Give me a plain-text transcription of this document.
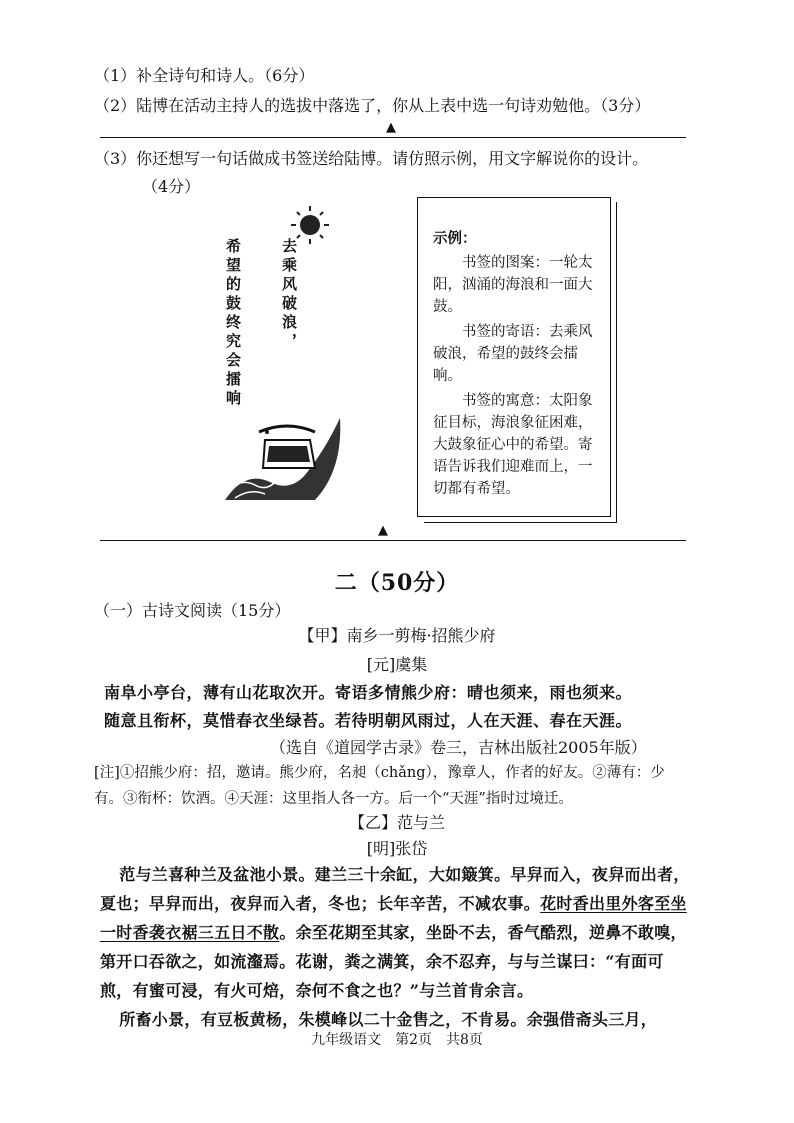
（1）补全诗句和诗人。（6分）
（2）陆博在活动主持人的选拔中落选了，你从上表中选一句诗劝勉他。（3分）
▲
（3）你还想写一句话做成书签送给陆博。请仿照示例，用文字解说你的设计。
（4分）
去乘风破浪，
希望的鼓终究会擂响	示例：

书签的图案：一轮太阳，汹涌的海浪和一面大鼓。

书签的寄语：去乘风破浪，希望的鼓终会擂响。

书签的寓意：太阳象征目标，海浪象征困难，大鼓象征心中的希望。寄语告诉我们迎难而上，一切都有希望。

▲
二（50分）
（一）古诗文阅读（15分）
【甲】南乡一剪梅·招熊少府
[元]虞集
南阜小亭台，薄有山花取次开。寄语多情熊少府：晴也须来，雨也须来。
随意且衔杯，莫惜春衣坐绿苔。若待明朝风雨过，人在天涯、春在天涯。
（选自《道园学古录》卷三，吉林出版社2005年版）
[注]①招熊少府：招，邀请。熊少府，名昶（chǎng），豫章人，作者的好友。②薄有：少
有。③衔杯：饮酒。④天涯：这里指人各一方。后一个“天涯”指时过境迁。
【乙】范与兰
[明]张岱

范与兰喜种兰及盆池小景。建兰三十余缸，大如簸箕。早舁而入，夜舁而出者，夏也；早舁而出，夜舁而入者，冬也；长年辛苦，不减农事。花时香出里外客至坐一时香袭衣裾三五日不散。余至花期至其家，坐卧不去，香气酷烈，逆鼻不敢嗅，第开口吞欲之，如流瀣焉。花谢，粪之满箕，余不忍弃，与与兰谋曰：“有面可煎，有蜜可浸，有火可焙，奈何不食之也？”与兰首肯余言。

所畜小景，有豆板黄杨，朱模峰以二十金售之，不肯易。余强借斋头三月，

九年级语文　第2页　共8页
